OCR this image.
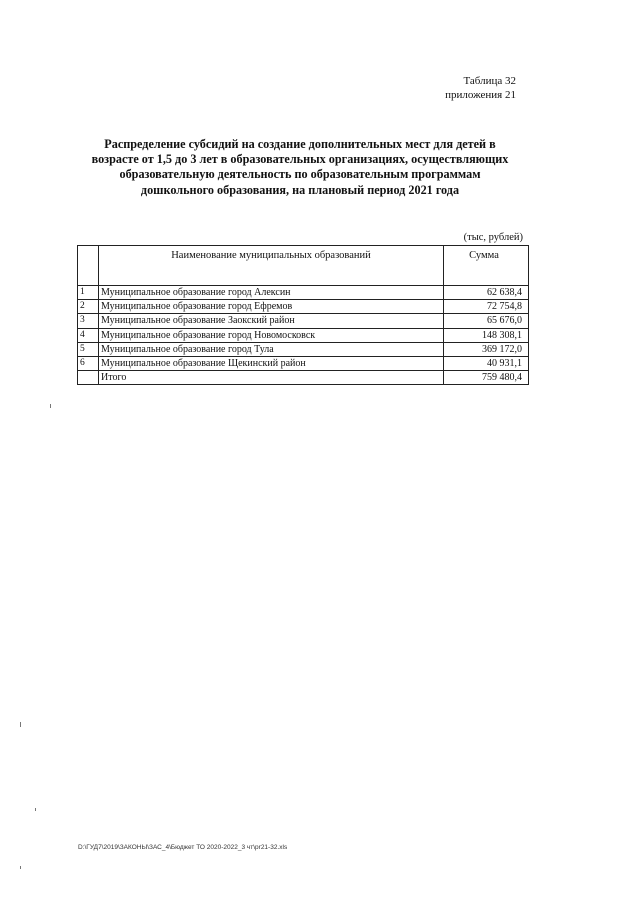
Таблица 32
приложения 21
Распределение субсидий на создание дополнительных мест для детей в
возрасте от 1,5 до 3 лет в образовательных организациях, осуществляющих
образовательную деятельность по образовательным программам
дошкольного образования, на плановый период 2021 года
(тыс, рублей)
	Наименование муниципальных образований	Сумма
1	Муниципальное образование город Алексин	62 638,4
2	Муниципальное образование город Ефремов	72 754,8
3	Муниципальное образование Заокский район	65 676,0
4	Муниципальное образование город Новомосковск	148 308,1
5	Муниципальное образование город Тула	369 172,0
6	Муниципальное образование Щекинский район	40 931,1
	Итого	759 480,4
D:\ГУД7\2019\ЗАКОНЫ\ЗАС_4\Бюджет ТО 2020-2022_3 чт\pr21-32.xls
